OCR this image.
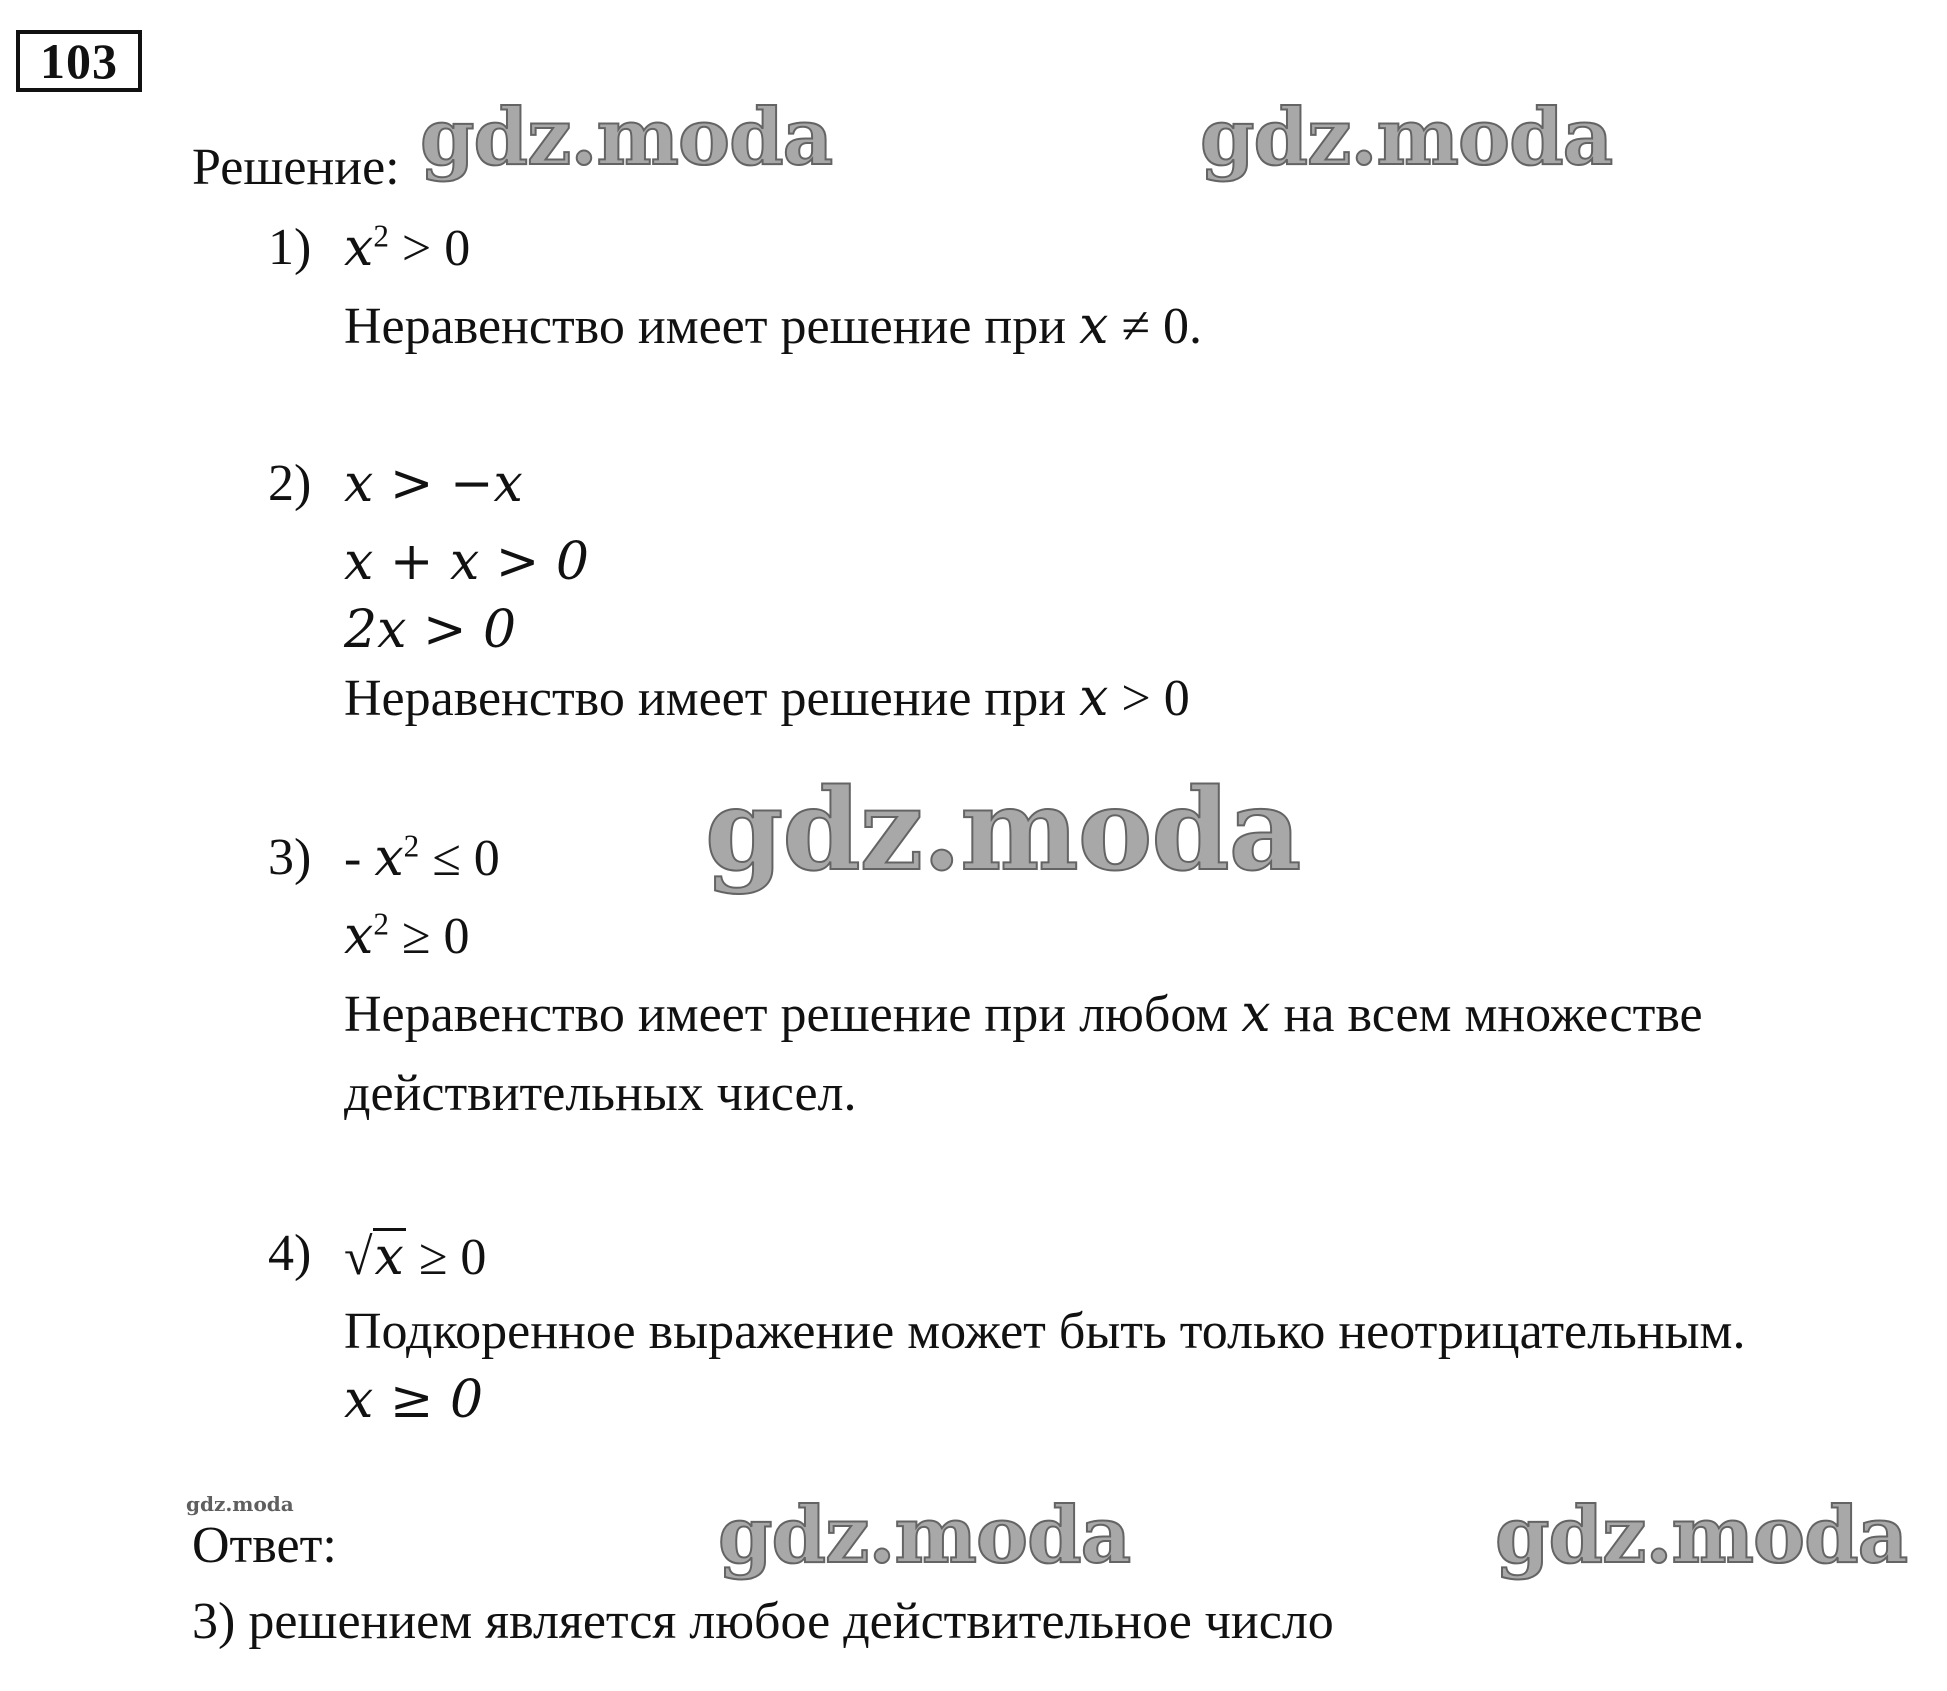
103
gdz.moda	gdz.moda
gdz.moda
gdz.moda	gdz.moda
gdz.moda
Решение:
1) $x^2 > 0$
Неравенство имеет решение при x ≠ 0.
2) x > −x
x + x > 0
2x > 0
Неравенство имеет решение при x > 0
$3) - x^2 \le 0$
$x^2 \ge 0$
Неравенство имеет решение при любом x на всем множестве
действительных чисел.
4) √x ≥ 0
Подкоренное выражение может быть только неотрицательным.
x ≥ 0
Ответ:
3) решением является любое действительное число
